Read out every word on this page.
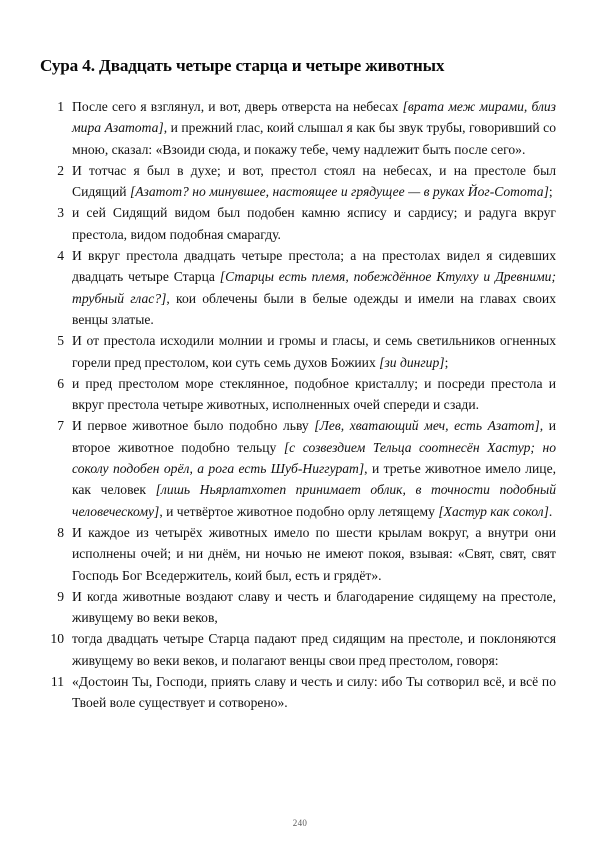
Сура 4. Двадцать четыре старца и четыре животных
1 После сего я взглянул, и вот, дверь отверста на небесах [врата меж мирами, близ мира Азатота], и прежний глас, коий слышал я как бы звук трубы, говоривший со мною, сказал: «Взоиди сюда, и покажу тебе, чему надлежит быть после сего».
2 И тотчас я был в духе; и вот, престол стоял на небесах, и на престоле был Сидящий [Азатот? но минувшее, настоящее и грядущее — в руках Йог-Сотота];
3 и сей Сидящий видом был подобен камню яспису и сардису; и радуга вкруг престола, видом подобная смарагду.
4 И вкруг престола двадцать четыре престола; а на престолах видел я сидевших двадцать четыре Старца [Старцы есть племя, побеждённое Ктулху и Древними; трубный глас?], кои облечены были в белые одежды и имели на главах своих венцы златые.
5 И от престола исходили молнии и громы и гласы, и семь светильников огненных горели пред престолом, кои суть семь духов Божиих [зи дингир];
6 и пред престолом море стеклянное, подобное кристаллу; и посреди престола и вкруг престола четыре животных, исполненных очей спереди и сзади.
7 И первое животное было подобно льву [Лев, хватающий меч, есть Азатот], и второе животное подобно тельцу [с созвездием Тельца соотнесён Хастур; но соколу подобен орёл, а рога есть Шуб-Ниггурат], и третье животное имело лице, как человек [лишь Ньярлатхотеп принимает облик, в точности подобный человеческому], и четвёртое животное подобно орлу летящему [Хастур как сокол].
8 И каждое из четырёх животных имело по шести крылам вокруг, а внутри они исполнены очей; и ни днём, ни ночью не имеют покоя, взывая: «Свят, свят, свят Господь Бог Вседержитель, коий был, есть и грядёт».
9 И когда животные воздают славу и честь и благодарение сидящему на престоле, живущему во веки веков,
10 тогда двадцать четыре Старца падают пред сидящим на престоле, и поклоняются живущему во веки веков, и полагают венцы свои пред престолом, говоря:
11 «Достоин Ты, Господи, приять славу и честь и силу: ибо Ты сотворил всё, и всё по Твоей воле существует и сотворено».
240
